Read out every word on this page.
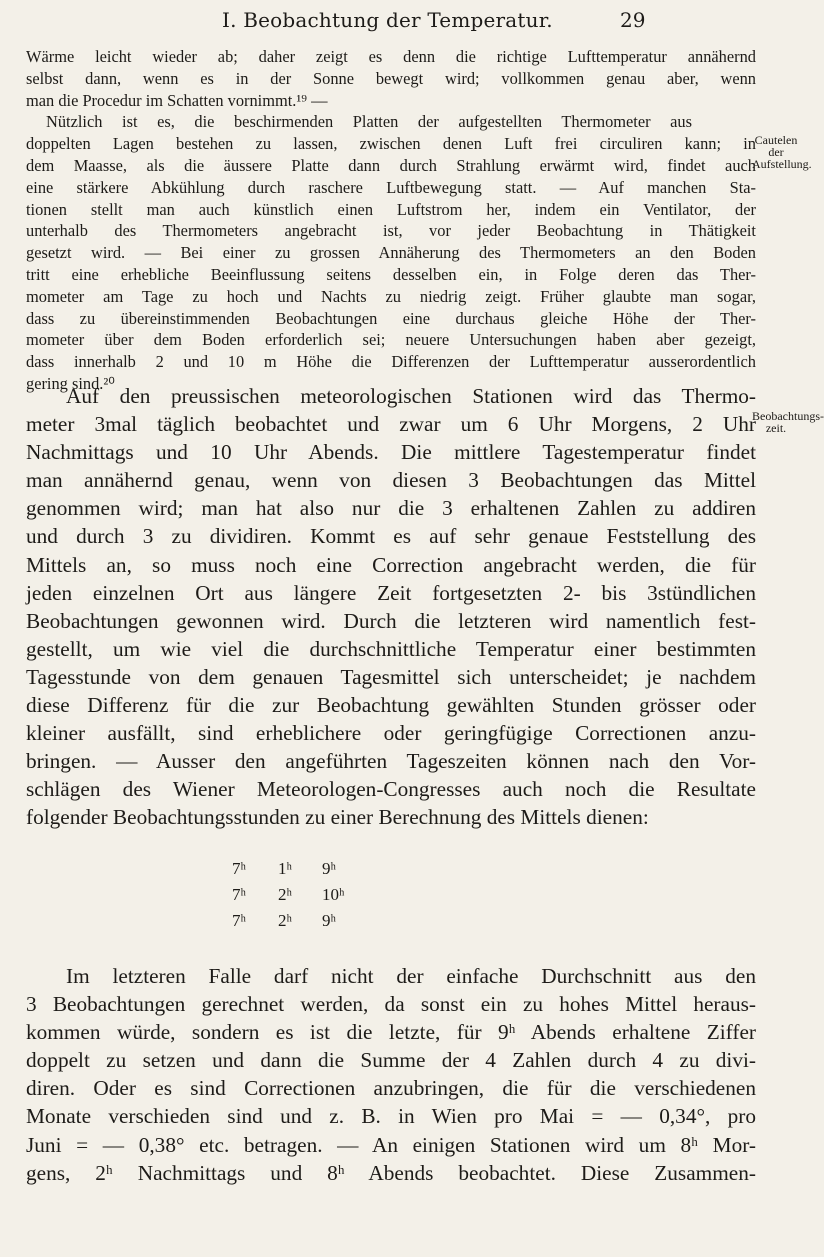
I. Beobachtung der Temperatur.	29
Cautelen der
Aufstellung.
Beobachtungs-
zeit.
Wärme leicht wieder ab; daher zeigt es denn die richtige Lufttemperatur annähernd
selbst dann, wenn es in der Sonne bewegt wird; vollkommen genau aber, wenn
man die Procedur im Schatten vornimmt.¹⁹ —
Nützlich ist es, die beschirmenden Platten der aufgestellten Thermometer aus
doppelten Lagen bestehen zu lassen, zwischen denen Luft frei circuliren kann; in
dem Maasse, als die äussere Platte dann durch Strahlung erwärmt wird, findet auch
eine stärkere Abkühlung durch raschere Luftbewegung statt. — Auf manchen Sta-
tionen stellt man auch künstlich einen Luftstrom her, indem ein Ventilator, der
unterhalb des Thermometers angebracht ist, vor jeder Beobachtung in Thätigkeit
gesetzt wird. — Bei einer zu grossen Annäherung des Thermometers an den Boden
tritt eine erhebliche Beeinflussung seitens desselben ein, in Folge deren das Ther-
mometer am Tage zu hoch und Nachts zu niedrig zeigt. Früher glaubte man sogar,
dass zu übereinstimmenden Beobachtungen eine durchaus gleiche Höhe der Ther-
mometer über dem Boden erforderlich sei; neuere Untersuchungen haben aber gezeigt,
dass innerhalb 2 und 10 m Höhe die Differenzen der Lufttemperatur ausserordentlich
gering sind.²⁰
Auf den preussischen meteorologischen Stationen wird das Thermo-
meter 3mal täglich beobachtet und zwar um 6 Uhr Morgens, 2 Uhr
Nachmittags und 10 Uhr Abends. Die mittlere Tagestemperatur findet
man annähernd genau, wenn von diesen 3 Beobachtungen das Mittel
genommen wird; man hat also nur die 3 erhaltenen Zahlen zu addiren
und durch 3 zu dividiren. Kommt es auf sehr genaue Feststellung des
Mittels an, so muss noch eine Correction angebracht werden, die für
jeden einzelnen Ort aus längere Zeit fortgesetzten 2- bis 3stündlichen
Beobachtungen gewonnen wird. Durch die letzteren wird namentlich fest-
gestellt, um wie viel die durchschnittliche Temperatur einer bestimmten
Tagesstunde von dem genauen Tagesmittel sich unterscheidet; je nachdem
diese Differenz für die zur Beobachtung gewählten Stunden grösser oder
kleiner ausfällt, sind erheblichere oder geringfügige Correctionen anzu-
bringen. — Ausser den angeführten Tageszeiten können nach den Vor-
schlägen des Wiener Meteorologen-Congresses auch noch die Resultate
folgender Beobachtungsstunden zu einer Berechnung des Mittels dienen:
7ʰ	1ʰ	9ʰ
7ʰ	2ʰ	10ʰ
7ʰ	2ʰ	9ʰ
Im letzteren Falle darf nicht der einfache Durchschnitt aus den
3 Beobachtungen gerechnet werden, da sonst ein zu hohes Mittel heraus-
kommen würde, sondern es ist die letzte, für 9ʰ Abends erhaltene Ziffer
doppelt zu setzen und dann die Summe der 4 Zahlen durch 4 zu divi-
diren. Oder es sind Correctionen anzubringen, die für die verschiedenen
Monate verschieden sind und z. B. in Wien pro Mai = — 0,34°, pro
Juni = — 0,38° etc. betragen. — An einigen Stationen wird um 8ʰ Mor-
gens, 2ʰ Nachmittags und 8ʰ Abends beobachtet. Diese Zusammen-
